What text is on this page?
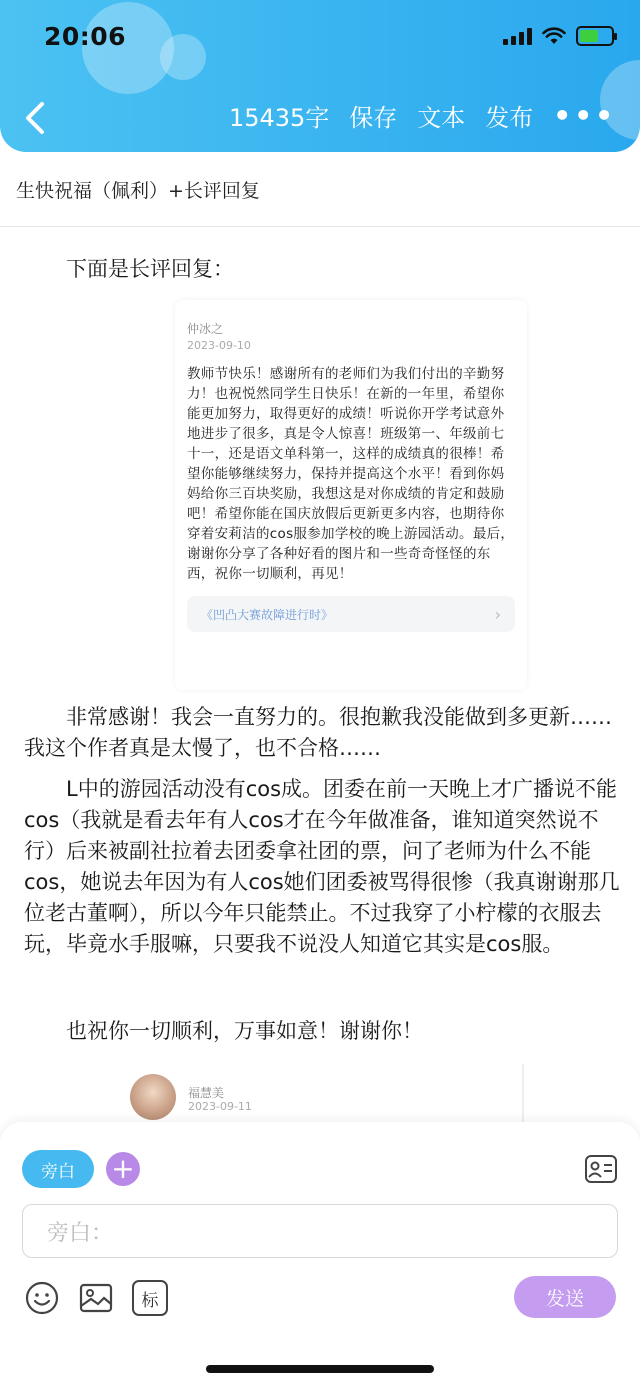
20:06
15435字 保存 文本 发布 •••
生快祝福（佩利）+长评回复
下面是长评回复：
仲冰之
2023-09-10
教师节快乐！感谢所有的老师们为我们付出的辛勤努力！也祝悦然同学生日快乐！在新的一年里，希望你能更加努力，取得更好的成绩！听说你开学考试意外地进步了很多，真是令人惊喜！班级第一、年级前七十一，还是语文单科第一，这样的成绩真的很棒！希望你能够继续努力，保持并提高这个水平！看到你妈妈给你三百块奖励，我想这是对你成绩的肯定和鼓励吧！希望你能在国庆放假后更新更多内容，也期待你穿着安莉洁的cos服参加学校的晚上游园活动。最后，谢谢你分享了各种好看的图片和一些奇奇怪怪的东西，祝你一切顺利，再见！
《凹凸大赛故障进行时》	›
非常感谢！我会一直努力的。很抱歉我没能做到多更新……我这个作者真是太慢了，也不合格……
L中的游园活动没有cos成。团委在前一天晚上才广播说不能cos（我就是看去年有人cos才在今年做准备，谁知道突然说不行）后来被副社拉着去团委拿社团的票，问了老师为什么不能cos，她说去年因为有人cos她们团委被骂得很惨（我真谢谢那几位老古董啊），所以今年只能禁止。不过我穿了小柠檬的衣服去玩，毕竟水手服嘛，只要我不说没人知道它其实是cos服。
也祝你一切顺利，万事如意！谢谢你！
福慧美
2023-09-11
旁白	+
旁白：
标	发送
